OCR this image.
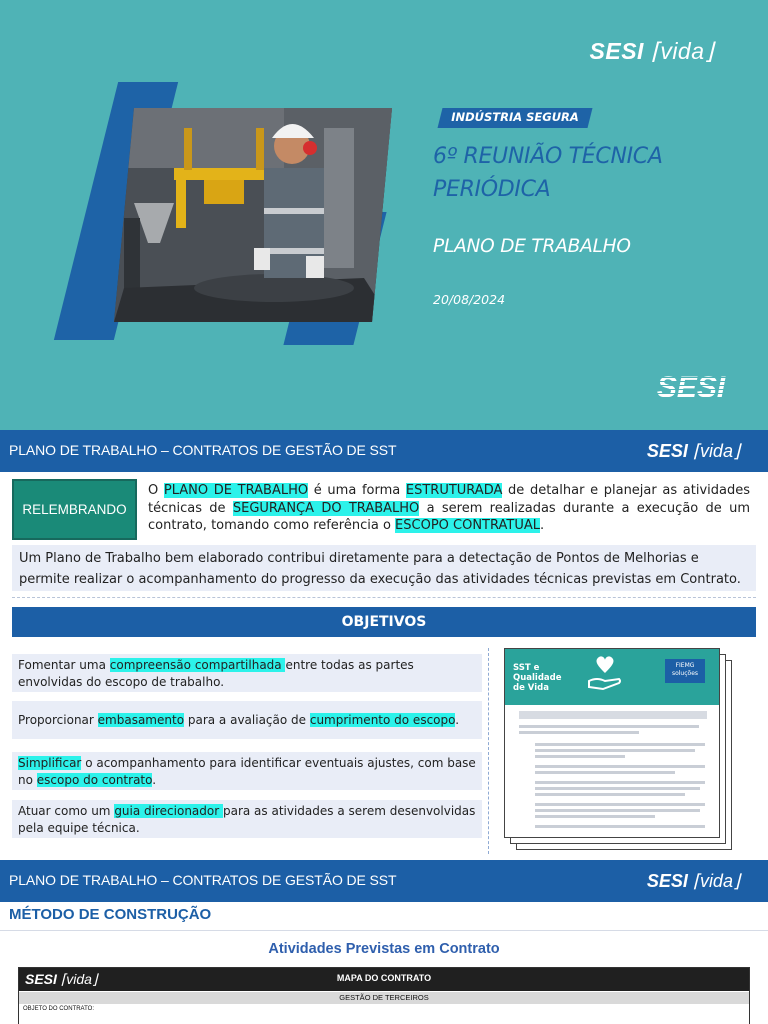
SESI ⌈vida⌋
INDÚSTRIA SEGURA
6º REUNIÃO TÉCNICA PERIÓDICA
PLANO DE TRABALHO
20/08/2024
SESI
PLANO DE TRABALHO – CONTRATOS DE GESTÃO DE SST	SESI ⌈vida⌋
RELEMBRANDO
O PLANO DE TRABALHO é uma forma ESTRUTURADA de detalhar e planejar as atividades técnicas de SEGURANÇA DO TRABALHO a serem realizadas durante a execução de um contrato, tomando como referência o ESCOPO CONTRATUAL.
Um Plano de Trabalho bem elaborado contribui diretamente para a detectação de Pontos de Melhorias e permite realizar o acompanhamento do progresso da execução das atividades técnicas previstas em Contrato.
OBJETIVOS
Fomentar uma compreensão compartilhada entre todas as partes envolvidas do escopo de trabalho.
Proporcionar embasamento para a avaliação de cumprimento do escopo.
Simplificar o acompanhamento para identificar eventuais ajustes, com base no escopo do contrato.
Atuar como um guia direcionador para as atividades a serem desenvolvidas pela equipe técnica.
SST e Qualidade de Vida
FIEMG soluções
PLANO DE TRABALHO – CONTRATOS DE GESTÃO DE SST	SESI ⌈vida⌋
MÉTODO DE CONSTRUÇÃO
Atividades Previstas em Contrato
SESI ⌈vida⌋	MAPA DO CONTRATO
GESTÃO DE TERCEIROS
OBJETO DO CONTRATO:
